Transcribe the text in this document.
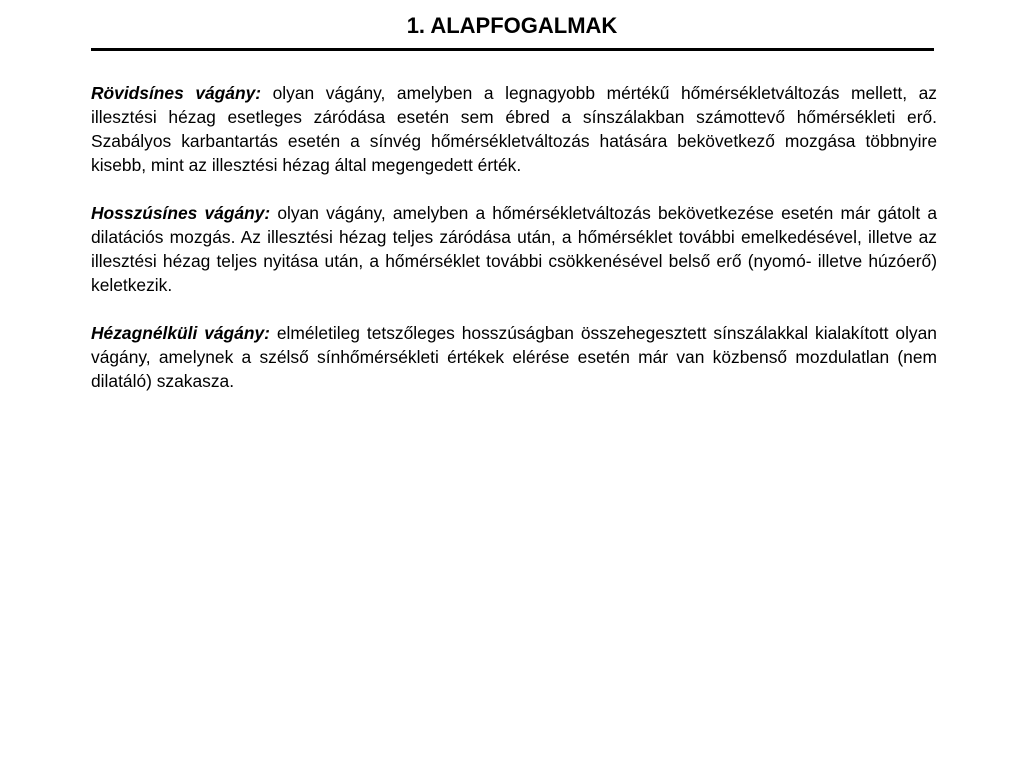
1. ALAPFOGALMAK

Rövidsínes vágány: olyan vágány, amelyben a legnagyobb mértékű hőmérsékletváltozás mellett, az illesztési hézag esetleges záródása esetén sem ébred a sínszálakban számottevő hőmérsékleti erő. Szabályos karbantartás esetén a sínvég hőmérsékletváltozás hatására bekövetkező mozgása többnyire kisebb, mint az illesztési hézag által megengedett érték.

Hosszúsínes vágány: olyan vágány, amelyben a hőmérsékletváltozás bekövetkezése esetén már gátolt a dilatációs mozgás. Az illesztési hézag teljes záródása után, a hőmérséklet további emelkedésével, illetve az illesztési hézag teljes nyitása után, a hőmérséklet további csökkenésével belső erő (nyomó- illetve húzóerő) keletkezik.

Hézagnélküli vágány: elméletileg tetszőleges hosszúságban összehegesztett sínszálakkal kialakított olyan vágány, amelynek a szélső sínhőmérsékleti értékek elérése esetén már van közbenső mozdulatlan (nem dilatáló) szakasza.
